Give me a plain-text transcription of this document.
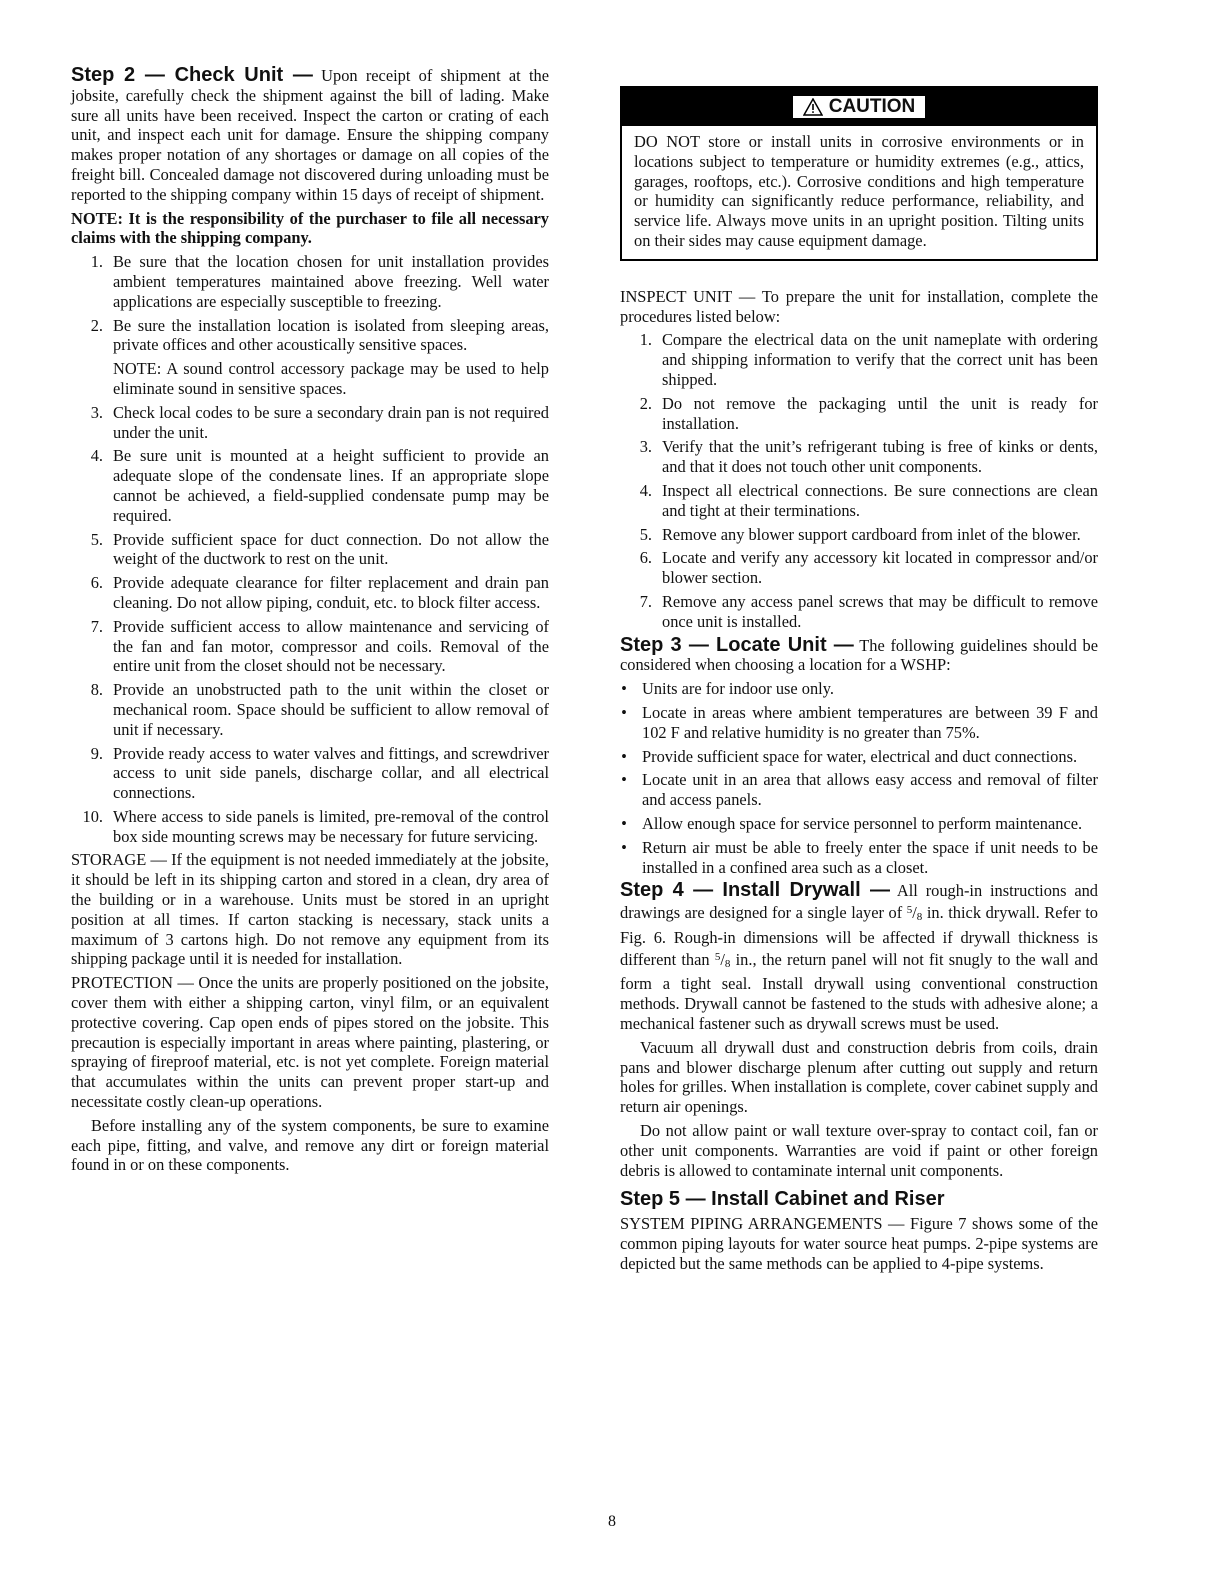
Step 2 — Check Unit — Upon receipt of shipment at the jobsite, carefully check the shipment against the bill of lading. Make sure all units have been received. Inspect the carton or crating of each unit, and inspect each unit for damage. Ensure the shipping company makes proper notation of any shortages or damage on all copies of the freight bill. Concealed damage not discovered during unloading must be reported to the shipping company within 15 days of receipt of shipment.

NOTE: It is the responsibility of the purchaser to file all necessary claims with the shipping company.

1. Be sure that the location chosen for unit installation provides ambient temperatures maintained above freezing. Well water applications are especially susceptible to freezing.
2. Be sure the installation location is isolated from sleeping areas, private offices and other acoustically sensitive spaces.
NOTE: A sound control accessory package may be used to help eliminate sound in sensitive spaces.
3. Check local codes to be sure a secondary drain pan is not required under the unit.
4. Be sure unit is mounted at a height sufficient to provide an adequate slope of the condensate lines. If an appropriate slope cannot be achieved, a field-supplied condensate pump may be required.
5. Provide sufficient space for duct connection. Do not allow the weight of the ductwork to rest on the unit.
6. Provide adequate clearance for filter replacement and drain pan cleaning. Do not allow piping, conduit, etc. to block filter access.
7. Provide sufficient access to allow maintenance and servicing of the fan and fan motor, compressor and coils. Removal of the entire unit from the closet should not be necessary.
8. Provide an unobstructed path to the unit within the closet or mechanical room. Space should be sufficient to allow removal of unit if necessary.
9. Provide ready access to water valves and fittings, and screwdriver access to unit side panels, discharge collar, and all electrical connections.
10. Where access to side panels is limited, pre-removal of the control box side mounting screws may be necessary for future servicing.

STORAGE — If the equipment is not needed immediately at the jobsite, it should be left in its shipping carton and stored in a clean, dry area of the building or in a warehouse. Units must be stored in an upright position at all times. If carton stacking is necessary, stack units a maximum of 3 cartons high. Do not remove any equipment from its shipping package until it is needed for installation.

PROTECTION — Once the units are properly positioned on the jobsite, cover them with either a shipping carton, vinyl film, or an equivalent protective covering. Cap open ends of pipes stored on the jobsite. This precaution is especially important in areas where painting, plastering, or spraying of fireproof material, etc. is not yet complete. Foreign material that accumulates within the units can prevent proper start-up and necessitate costly clean-up operations.

Before installing any of the system components, be sure to examine each pipe, fitting, and valve, and remove any dirt or foreign material found in or on these components.

CAUTION
DO NOT store or install units in corrosive environments or in locations subject to temperature or humidity extremes (e.g., attics, garages, rooftops, etc.). Corrosive conditions and high temperature or humidity can significantly reduce performance, reliability, and service life. Always move units in an upright position. Tilting units on their sides may cause equipment damage.

INSPECT UNIT — To prepare the unit for installation, complete the procedures listed below:

1. Compare the electrical data on the unit nameplate with ordering and shipping information to verify that the correct unit has been shipped.
2. Do not remove the packaging until the unit is ready for installation.
3. Verify that the unit’s refrigerant tubing is free of kinks or dents, and that it does not touch other unit components.
4. Inspect all electrical connections. Be sure connections are clean and tight at their terminations.
5. Remove any blower support cardboard from inlet of the blower.
6. Locate and verify any accessory kit located in compressor and/or blower section.
7. Remove any access panel screws that may be difficult to remove once unit is installed.

Step 3 — Locate Unit — The following guidelines should be considered when choosing a location for a WSHP:

• Units are for indoor use only.
• Locate in areas where ambient temperatures are between 39 F and 102 F and relative humidity is no greater than 75%.
• Provide sufficient space for water, electrical and duct connections.
• Locate unit in an area that allows easy access and removal of filter and access panels.
• Allow enough space for service personnel to perform maintenance.
• Return air must be able to freely enter the space if unit needs to be installed in a confined area such as a closet.

Step 4 — Install Drywall — All rough-in instructions and drawings are designed for a single layer of $^5/_8$ in. thick drywall. Refer to Fig. 6. Rough-in dimensions will be affected if drywall thickness is different than $^5/_8$ in., the return panel will not fit snugly to the wall and form a tight seal. Install drywall using conventional construction methods. Drywall cannot be fastened to the studs with adhesive alone; a mechanical fastener such as drywall screws must be used.

Vacuum all drywall dust and construction debris from coils, drain pans and blower discharge plenum after cutting out supply and return holes for grilles. When installation is complete, cover cabinet supply and return air openings.

Do not allow paint or wall texture over-spray to contact coil, fan or other unit components. Warranties are void if paint or other foreign debris is allowed to contaminate internal unit components.

Step 5 — Install Cabinet and Riser

SYSTEM PIPING ARRANGEMENTS — Figure 7 shows some of the common piping layouts for water source heat pumps. 2-pipe systems are depicted but the same methods can be applied to 4-pipe systems.

8
